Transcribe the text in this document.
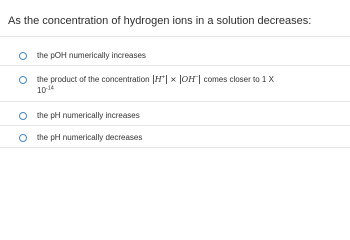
As the concentration of hydrogen ions in a solution decreases:
the pOH numerically increases
the product of the concentration H+ × OH− comes closer to 1 X
$10^{-14}$
the pH numerically increases
the pH numerically decreases
